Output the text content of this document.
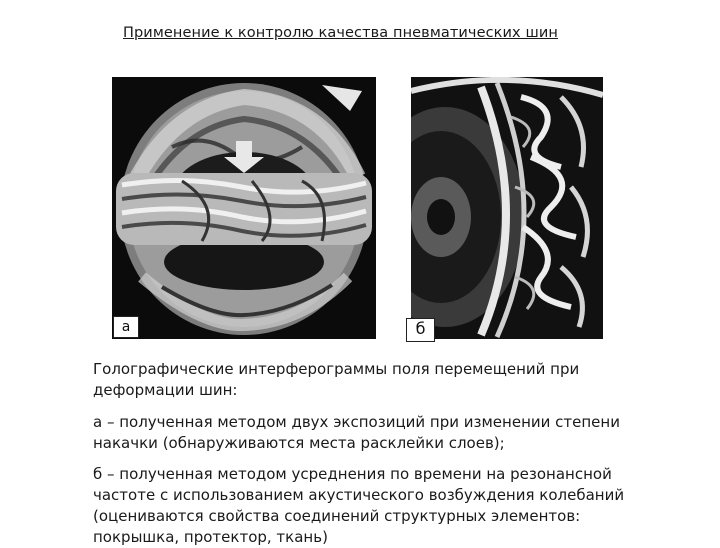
Применение к контролю качества пневматических шин
а	б

Голографические интерферограммы поля перемещений при

деформации шин:

а – полученная методом двух экспозиций при изменении степени

накачки (обнаруживаются места расклейки слоев);

б – полученная методом усреднения по времени на резонансной

частоте с использованием акустического возбуждения колебаний

(оцениваются свойства соединений структурных элементов:

покрышка, протектор, ткань)
